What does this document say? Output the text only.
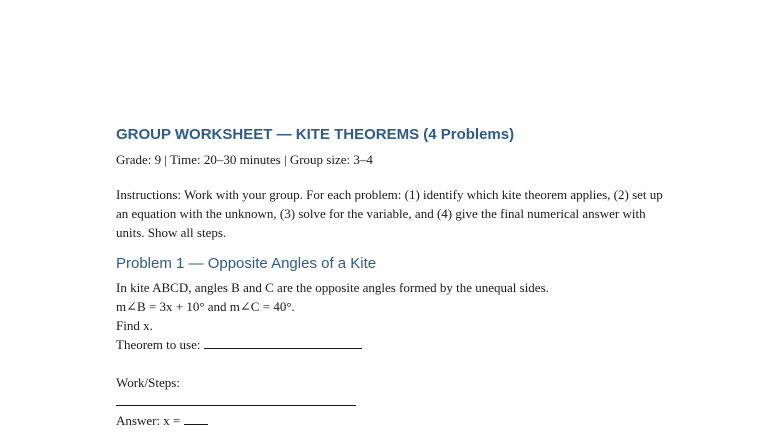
GROUP WORKSHEET — KITE THEOREMS (4 Problems)
Grade: 9 | Time: 20–30 minutes | Group size: 3–4
Instructions: Work with your group. For each problem: (1) identify which kite theorem applies, (2) set up an equation with the unknown, (3) solve for the variable, and (4) give the final numerical answer with units. Show all steps.
Problem 1 — Opposite Angles of a Kite
In kite ABCD, angles B and C are the opposite angles formed by the unequal sides.
m∠B = 3x + 10° and m∠C = 40°.
Find x.
Theorem to use:
Work/Steps:
Answer: x =
